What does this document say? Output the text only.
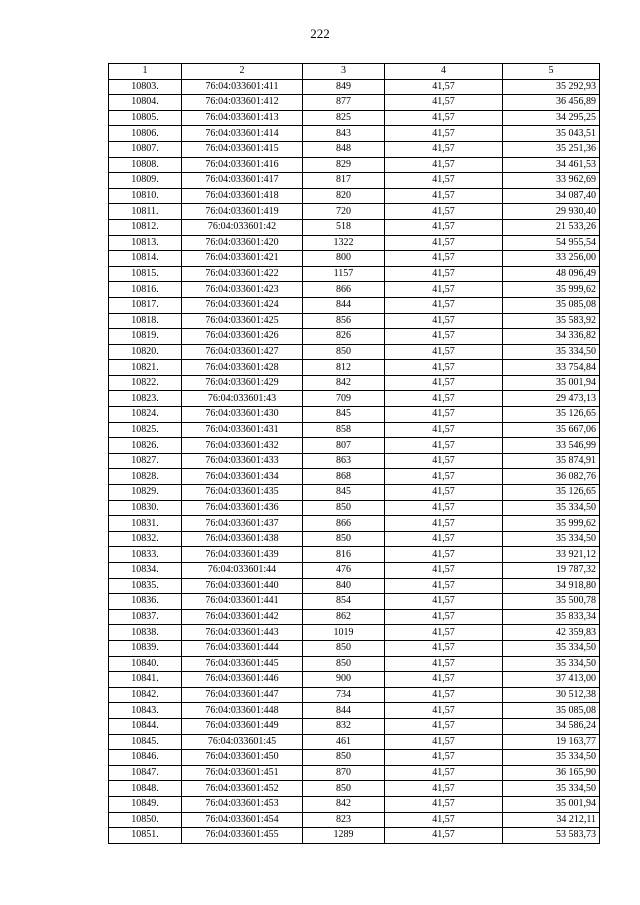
222
1	2	3	4	5
10803.	76:04:033601:411	849	41,57	35 292,93
10804.	76:04:033601:412	877	41,57	36 456,89
10805.	76:04:033601:413	825	41,57	34 295,25
10806.	76:04:033601:414	843	41,57	35 043,51
10807.	76:04:033601:415	848	41,57	35 251,36
10808.	76:04:033601:416	829	41,57	34 461,53
10809.	76:04:033601:417	817	41,57	33 962,69
10810.	76:04:033601:418	820	41,57	34 087,40
10811.	76:04:033601:419	720	41,57	29 930,40
10812.	76:04:033601:42	518	41,57	21 533,26
10813.	76:04:033601:420	1322	41,57	54 955,54
10814.	76:04:033601:421	800	41,57	33 256,00
10815.	76:04:033601:422	1157	41,57	48 096,49
10816.	76:04:033601:423	866	41,57	35 999,62
10817.	76:04:033601:424	844	41,57	35 085,08
10818.	76:04:033601:425	856	41,57	35 583,92
10819.	76:04:033601:426	826	41,57	34 336,82
10820.	76:04:033601:427	850	41,57	35 334,50
10821.	76:04:033601:428	812	41,57	33 754,84
10822.	76:04:033601:429	842	41,57	35 001,94
10823.	76:04:033601:43	709	41,57	29 473,13
10824.	76:04:033601:430	845	41,57	35 126,65
10825.	76:04:033601:431	858	41,57	35 667,06
10826.	76:04:033601:432	807	41,57	33 546,99
10827.	76:04:033601:433	863	41,57	35 874,91
10828.	76:04:033601:434	868	41,57	36 082,76
10829.	76:04:033601:435	845	41,57	35 126,65
10830.	76:04:033601:436	850	41,57	35 334,50
10831.	76:04:033601:437	866	41,57	35 999,62
10832.	76:04:033601:438	850	41,57	35 334,50
10833.	76:04:033601:439	816	41,57	33 921,12
10834.	76:04:033601:44	476	41,57	19 787,32
10835.	76:04:033601:440	840	41,57	34 918,80
10836.	76:04:033601:441	854	41,57	35 500,78
10837.	76:04:033601:442	862	41,57	35 833,34
10838.	76:04:033601:443	1019	41,57	42 359,83
10839.	76:04:033601:444	850	41,57	35 334,50
10840.	76:04:033601:445	850	41,57	35 334,50
10841.	76:04:033601:446	900	41,57	37 413,00
10842.	76:04:033601:447	734	41,57	30 512,38
10843.	76:04:033601:448	844	41,57	35 085,08
10844.	76:04:033601:449	832	41,57	34 586,24
10845.	76:04:033601:45	461	41,57	19 163,77
10846.	76:04:033601:450	850	41,57	35 334,50
10847.	76:04:033601:451	870	41,57	36 165,90
10848.	76:04:033601:452	850	41,57	35 334,50
10849.	76:04:033601:453	842	41,57	35 001,94
10850.	76:04:033601:454	823	41,57	34 212,11
10851.	76:04:033601:455	1289	41,57	53 583,73
